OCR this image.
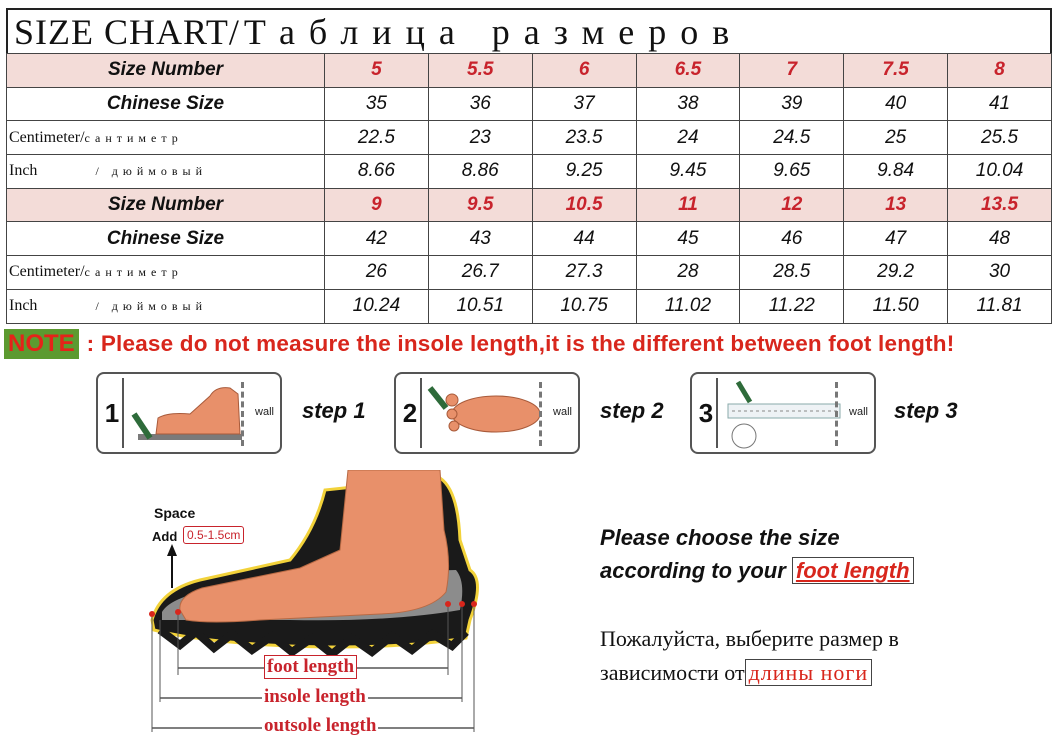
SIZE CHART/ Таблица размеров
Size Number	5	5.5	6	6.5	7	7.5	8
Chinese Size	35	36	37	38	39	40	41
Centimeter/сантиметр	22.5	23	23.5	24	24.5	25	25.5
Inch / дюймовый	8.66	8.86	9.25	9.45	9.65	9.84	10.04
Size Number	9	9.5	10.5	11	12	13	13.5
Chinese Size	42	43	44	45	46	47	48
Centimeter/сантиметр	26	26.7	27.3	28	28.5	29.2	30
Inch / дюймовый	10.24	10.51	10.75	11.02	11.22	11.50	11.81
NOTE : Please do not measure the insole length,it is the different between foot length!
1	wall step 1 2	wall step 2 3	wall step 3
Space
Add 0.5-1.5cm
foot length
insole length
outsole length
Please choose the size
according to your foot length
Пожалуйста, выберите размер в
зависимости от длины ноги
